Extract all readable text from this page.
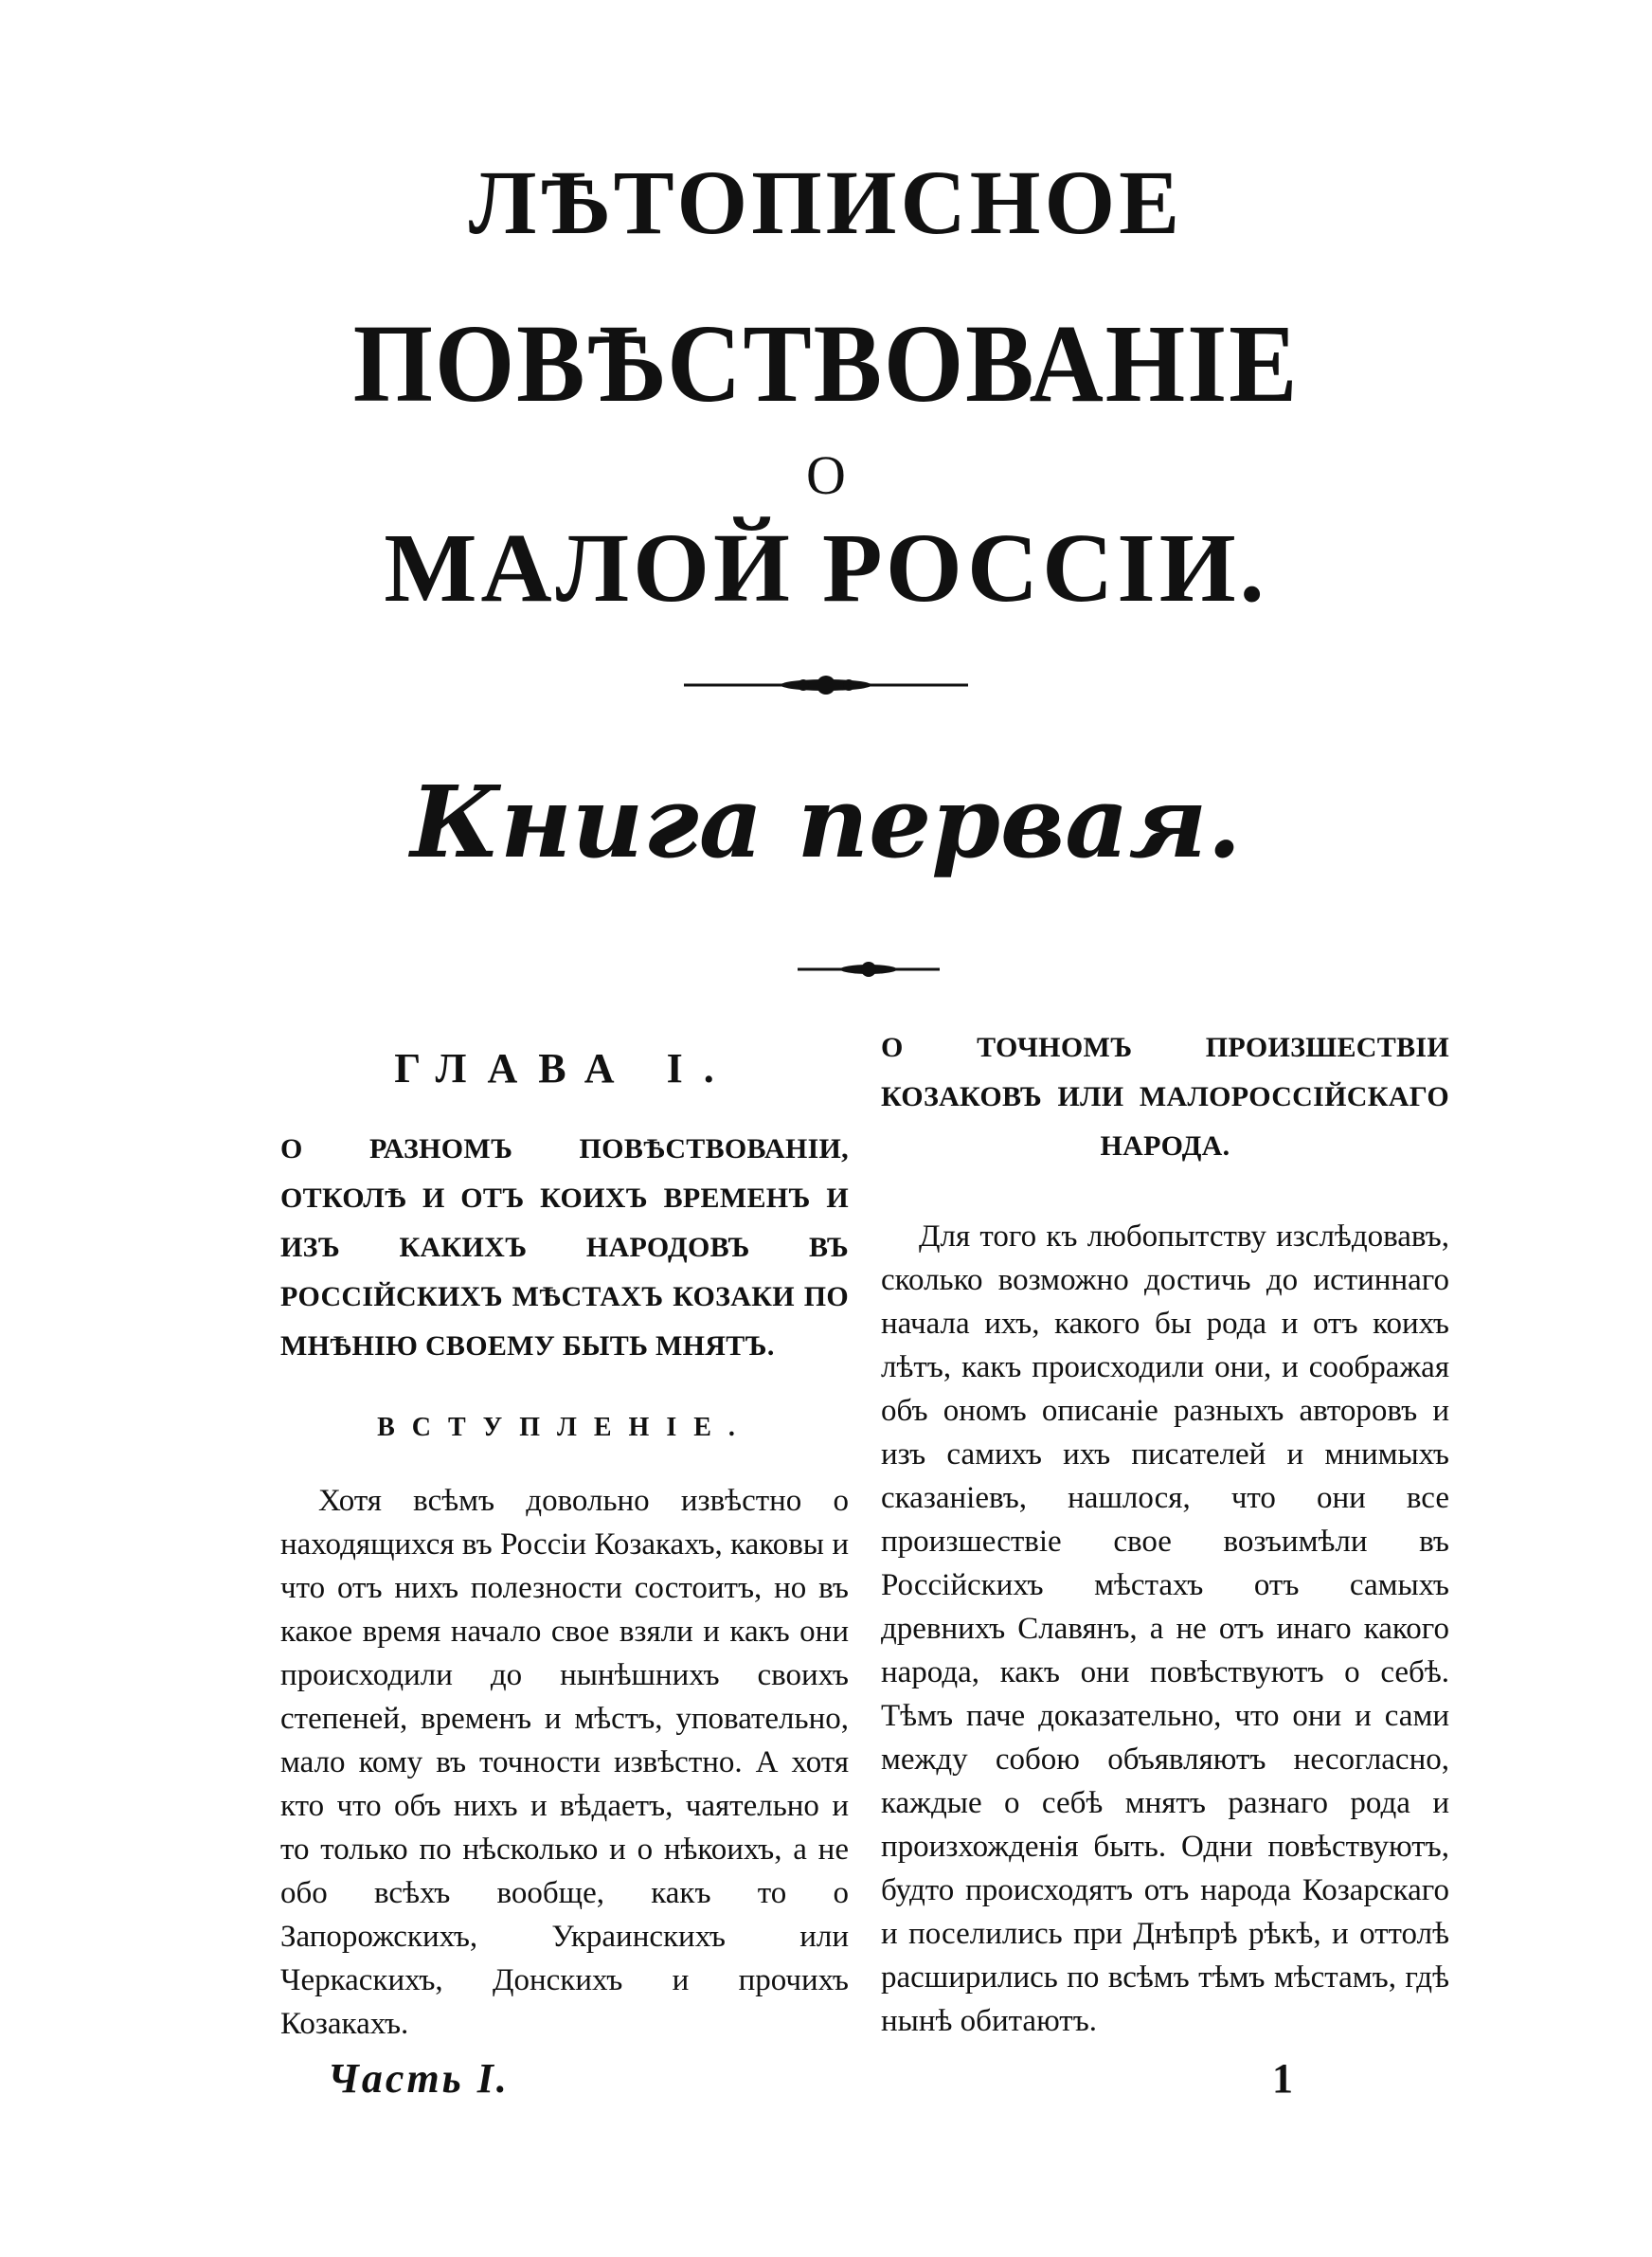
ЛѢТОПИСНОЕ
ПОВѢСТВОВАНІЕ
О
МАЛОЙ РОССІИ.
Книга первая.
ГЛАВА I.

О РАЗНОМЪ ПОВѢСТВОВАНІИ, ОТКОЛѢ И ОТЪ КОИХЪ ВРЕМЕНЪ И ИЗЪ КАКИХЪ НАРОДОВЪ ВЪ РОССІЙСКИХЪ МѢСТАХЪ КОЗАКИ ПО МНѢНІЮ СВОЕМУ БЫТЬ МНЯТЪ.

ВСТУПЛЕНІЕ.

Хотя всѣмъ довольно извѣстно о находящихся въ Россіи Козакахъ, каковы и что отъ нихъ полезности состоитъ, но въ какое время начало свое взяли и какъ они происходили до нынѣшнихъ своихъ степеней, временъ и мѣстъ, уповательно, мало кому въ точности извѣстно. А хотя кто что объ нихъ и вѣдаетъ, чаятельно и то только по нѣсколько и о нѣкоихъ, а не обо всѣхъ вообще, какъ то о Запорожскихъ, Украинскихъ или Черкаскихъ, Донскихъ и прочихъ Козакахъ.

О ТОЧНОМЪ ПРОИЗШЕСТВІИ КОЗАКОВЪ ИЛИ МАЛОРОССІЙСКАГО НАРОДА.

Для того къ любопытству изслѣдовавъ, сколько возможно достичь до истиннаго начала ихъ, какого бы рода и отъ коихъ лѣтъ, какъ происходили они, и соображая объ ономъ описаніе разныхъ авторовъ и изъ самихъ ихъ писателей и мнимыхъ сказаніевъ, нашлося, что они все произшествіе свое возъимѣли въ Россійскихъ мѣстахъ отъ самыхъ древнихъ Славянъ, а не отъ инаго какого народа, какъ они повѣствуютъ о себѣ. Тѣмъ паче доказательно, что они и сами между собою объявляютъ несогласно, каждые о себѣ мнятъ разнаго рода и произхожденія быть. Одни повѣствуютъ, будто происходятъ отъ народа Козарскаго и поселились при Днѣпрѣ рѣкѣ, и оттолѣ расширились по всѣмъ тѣмъ мѣстамъ, гдѣ нынѣ обитаютъ.

Часть I.	1
